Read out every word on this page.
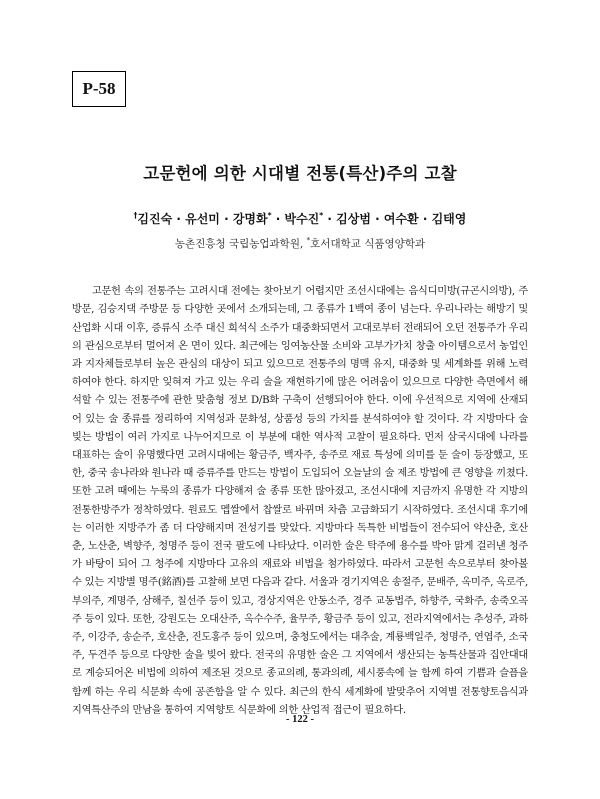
P-58
고문헌에 의한 시대별 전통(특산)주의 고찰
†김진숙 · 유선미 · 강명화* · 박수진* · 김상범 · 여수환 · 김태영
농촌진흥청 국립농업과학원, *호서대학교 식품영양학과

고문헌 속의 전통주는 고려시대 전에는 찾아보기 어렵지만 조선시대에는 음식디미방(규곤시의방), 주방문, 김승지댁 주방문 등 다양한 곳에서 소개되는데, 그 종류가 1백여 종이 넘는다. 우리나라는 해방기 및 산업화 시대 이후, 증류식 소주 대신 희석식 소주가 대중화되면서 고대로부터 전래되어 오던 전통주가 우리의 관심으로부터 멀어져 온 면이 있다. 최근에는 잉여농산물 소비와 고부가가치 창출 아이템으로서 농업인과 지자체들로부터 높은 관심의 대상이 되고 있으므로 전통주의 명맥 유지, 대중화 및 세계화를 위해 노력하여야 한다. 하지만 잊혀져 가고 있는 우리 술을 재현하기에 많은 어려움이 있으므로 다양한 측면에서 해석할 수 있는 전통주에 관한 맞춤형 정보 D/B화 구축이 선행되어야 한다. 이에 우선적으로 지역에 산재되어 있는 술 종류를 정리하여 지역성과 문화성, 상품성 등의 가치를 분석하여야 할 것이다. 각 지방마다 술 빚는 방법이 여러 가지로 나누어지므로 이 부분에 대한 역사적 고찰이 필요하다. 먼저 삼국시대에 나라를 대표하는 술이 유명했다면 고려시대에는 황금주, 백자주, 송주로 재료 특성에 의미를 둔 술이 등장했고, 또한, 중국 송나라와 원나라 때 증류주를 만드는 방법이 도입되어 오늘날의 술 제조 방법에 큰 영향을 끼쳤다. 또한 고려 때에는 누룩의 종류가 다양해져 술 종류 또한 많아졌고, 조선시대에 지금까지 유명한 각 지방의 전통한방주가 정착하였다. 원료도 멥쌀에서 찹쌀로 바뀌며 차츰 고급화되기 시작하였다. 조선시대 후기에는 이러한 지방주가 좀 더 다양해지며 전성기를 맞았다. 지방마다 독특한 비법들이 전수되어 약산춘, 호산춘, 노산춘, 벽향주, 청명주 등이 전국 팔도에 나타났다. 이러한 술은 탁주에 용수를 박아 맑게 걸러낸 청주가 바탕이 되어 그 청주에 지방마다 고유의 재료와 비법을 첨가하였다. 따라서 고문헌 속으로부터 찾아볼 수 있는 지방별 명주(銘酒)를 고찰해 보면 다음과 같다. 서울과 경기지역은 송절주, 문배주, 옥미주, 옥로주, 부의주, 계명주, 삼해주, 칠선주 등이 있고, 경상지역은 안동소주, 경주 교동법주, 하향주, 국화주, 송죽오곡주 등이 있다. 또한, 강원도는 오대산주, 옥수수주, 율무주, 황금주 등이 있고, 전라지역에서는 추성주, 과하주, 이강주, 송순주, 호산춘, 진도홍주 등이 있으며, 충청도에서는 대추술, 계룡백일주, 청명주, 연엽주, 소국주, 두견주 등으로 다양한 술을 빚어 왔다. 전국의 유명한 술은 그 지역에서 생산되는 농특산물과 집안대대로 계승되어온 비법에 의하여 제조된 것으로 종교의례, 통과의례, 세시풍속에 늘 함께 하여 기쁨과 슬픔을 함께 하는 우리 식문화 속에 공존함을 알 수 있다. 최근의 한식 세계화에 발맞추어 지역별 전통향토음식과 지역특산주의 만남을 통하여 지역향토 식문화에 의한 산업적 접근이 필요하다.

- 122 -
